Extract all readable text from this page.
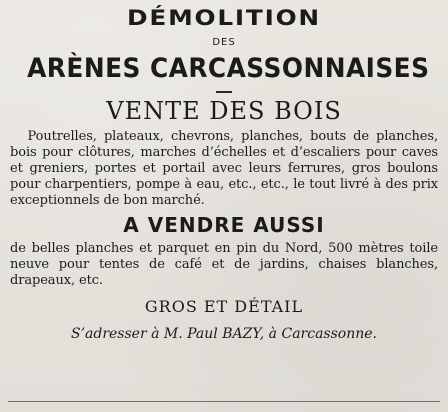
DÉMOLITION

DES

ARÈNES CARCASSONNAISES

VENTE DES BOIS

Poutrelles, plateaux, chevrons, planches, bouts de planches, bois pour clôtures, marches d’échelles et d’escaliers pour caves et greniers, portes et portail avec leurs ferrures, gros boulons pour charpentiers, pompe à eau, etc., etc., le tout livré à des prix exceptionnels de bon marché.

A VENDRE AUSSI

de belles planches et parquet en pin du Nord, 500 mètres toile neuve pour tentes de café et de jardins, chaises blanches, drapeaux, etc.

GROS ET DÉTAIL

S’adresser à M. Paul BAZY, à Carcassonne.
